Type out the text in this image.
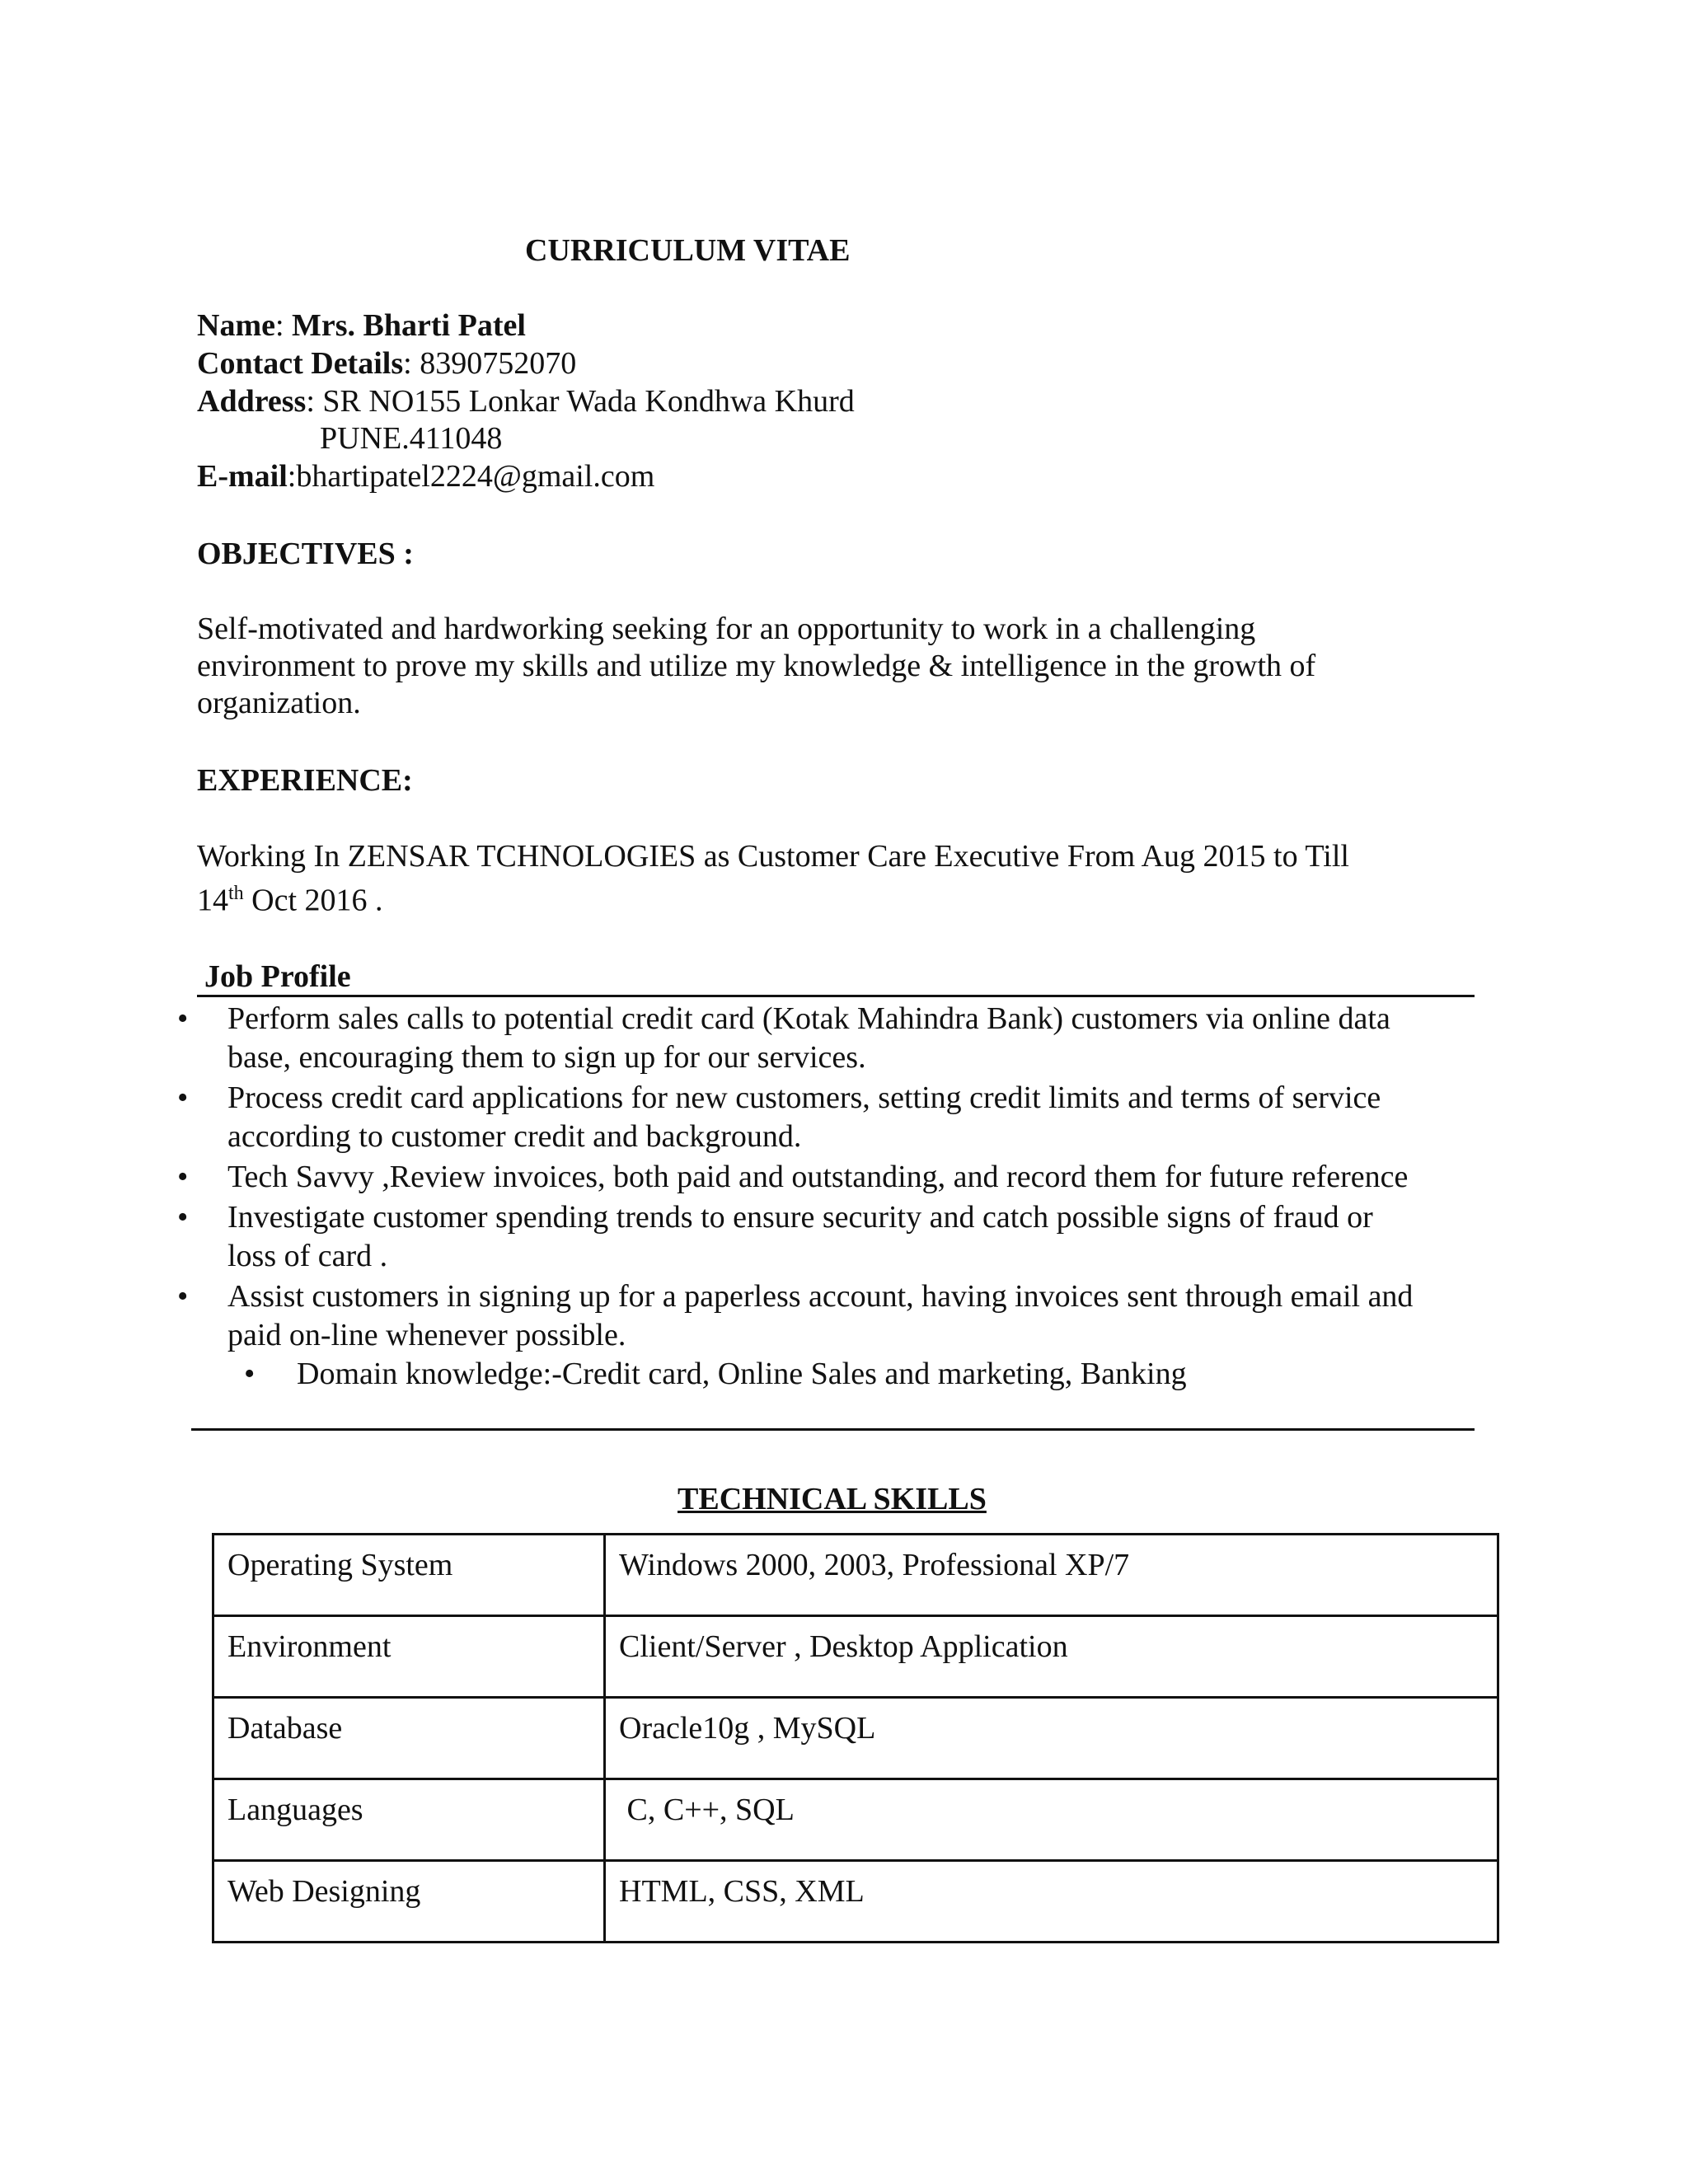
CURRICULUM VITAE
Name: Mrs. Bharti Patel
Contact Details: 8390752070
Address: SR NO155 Lonkar Wada Kondhwa Khurd
PUNE.411048
E-mail:bhartipatel2224@gmail.com
OBJECTIVES :
Self-motivated and hardworking seeking for an opportunity to work in a challenging
environment to prove my skills and utilize my knowledge & intelligence in the growth of
organization.
EXPERIENCE:
Working In ZENSAR TCHNOLOGIES as Customer Care Executive From Aug 2015 to Till
14th Oct 2016 .
Job Profile
• Perform sales calls to potential credit card (Kotak Mahindra Bank) customers via online data
base, encouraging them to sign up for our services.
• Process credit card applications for new customers, setting credit limits and terms of service
according to customer credit and background.
• Tech Savvy ,Review invoices, both paid and outstanding, and record them for future reference
• Investigate customer spending trends to ensure security and catch possible signs of fraud or
loss of card .
• Assist customers in signing up for a paperless account, having invoices sent through email and
paid on-line whenever possible.
• Domain knowledge:-Credit card, Online Sales and marketing, Banking
TECHNICAL SKILLS
Operating System	Windows 2000, 2003, Professional XP/7
Environment	Client/Server , Desktop Application
Database	Oracle10g , MySQL
Languages	C, C++, SQL
Web Designing	HTML, CSS, XML
